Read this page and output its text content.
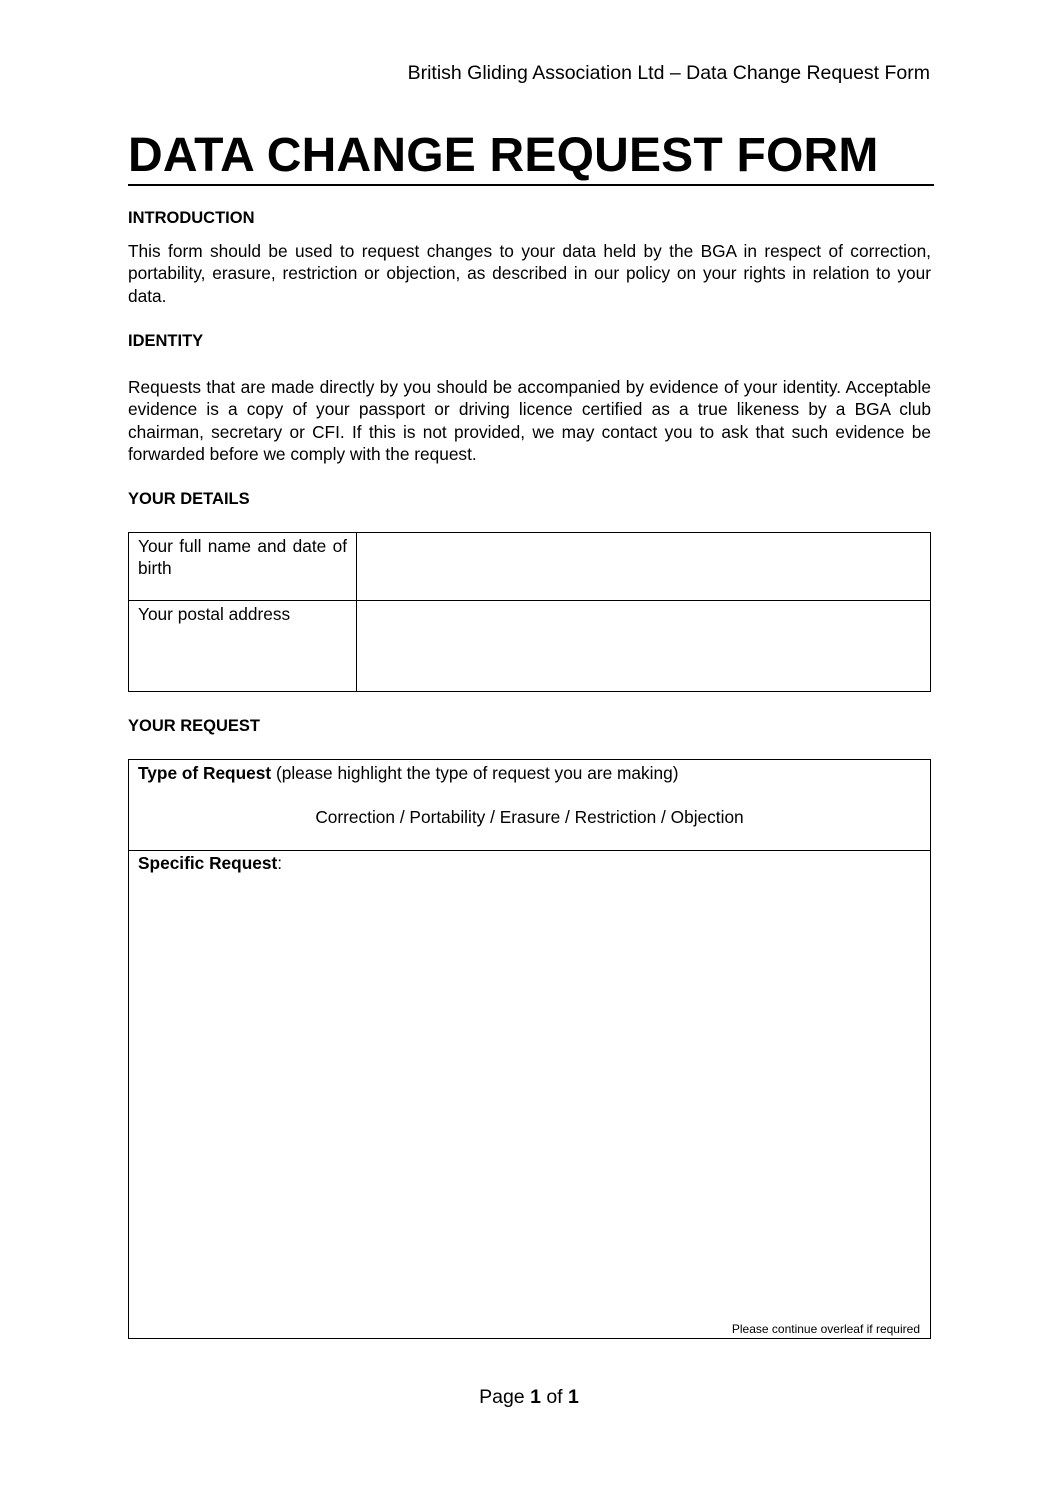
British Gliding Association Ltd – Data Change Request Form
DATA CHANGE REQUEST FORM
INTRODUCTION

This form should be used to request changes to your data held by the BGA in respect of correction, portability, erasure, restriction or objection, as described in our policy on your rights in relation to your data.

IDENTITY

Requests that are made directly by you should be accompanied by evidence of your identity. Acceptable evidence is a copy of your passport or driving licence certified as a true likeness by a BGA club chairman, secretary or CFI. If this is not provided, we may contact you to ask that such evidence be forwarded before we comply with the request.

YOUR DETAILS
Your full name and date of birth	

Your postal address	

YOUR REQUEST
Type of Request (please highlight the type of request you are making)
Correction / Portability / Erasure / Restriction / Objection
Specific Request:
Please continue overleaf if required
Page 1 of 1
